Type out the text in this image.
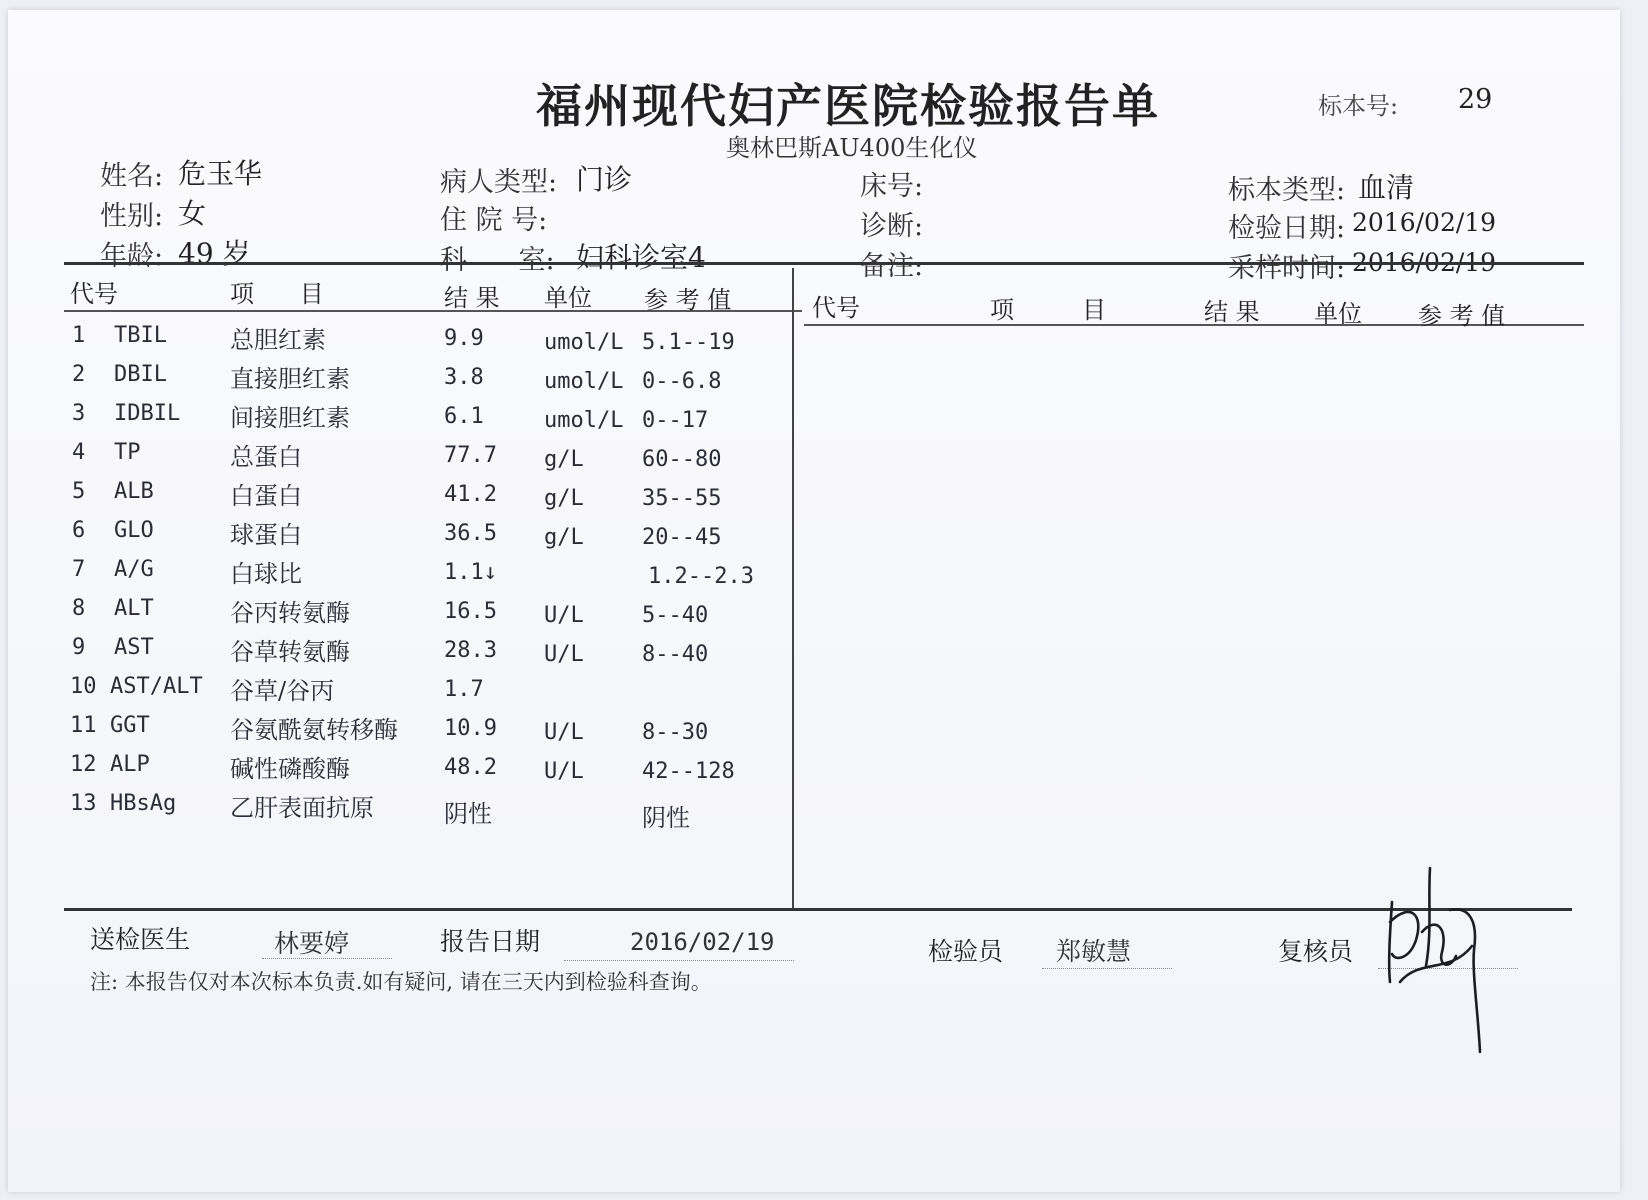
福州现代妇产医院检验报告单
奥林巴斯AU400生化仪
标本号: 29
姓名: 危玉华
性别: 女
年龄: 49 岁
病人类型: 门诊
住 院 号:
科      室: 妇科诊室4
床号:
诊断:
备注:
标本类型: 血清
检验日期: 2016/02/19
采样时间: 2016/02/19
代号	项      目	结 果 单位 参 考 值	代号	项	目	结 果 单位 参 考 值
1 TBIL	总胆红素	9.9	umol/L 5.1--19
2 DBIL	直接胆红素	3.8	umol/L 0--6.8
3 IDBIL 间接胆红素	6.1	umol/L 0--17
4 TP	总蛋白	77.7 g/L	60--80
5 ALB	白蛋白	41.2 g/L	35--55
6 GLO	球蛋白	36.5 g/L	20--45
7 A/G	白球比	1.1↓	1.2--2.3
8 ALT	谷丙转氨酶	16.5 U/L	5--40
9 AST	谷草转氨酶	28.3 U/L	8--40
10 AST/ALT 谷草/谷丙	1.7
11 GGT	谷氨酰氨转移酶 10.9 U/L	8--30
12 ALP	碱性磷酸酶	48.2 U/L	42--128
13 HBsAg 乙肝表面抗原	阴性	阴性
送检医生	林要婷	报告日期	2016/02/19	检验员 郑敏慧	复核员
注: 本报告仅对本次标本负责.如有疑问, 请在三天内到检验科查询。
